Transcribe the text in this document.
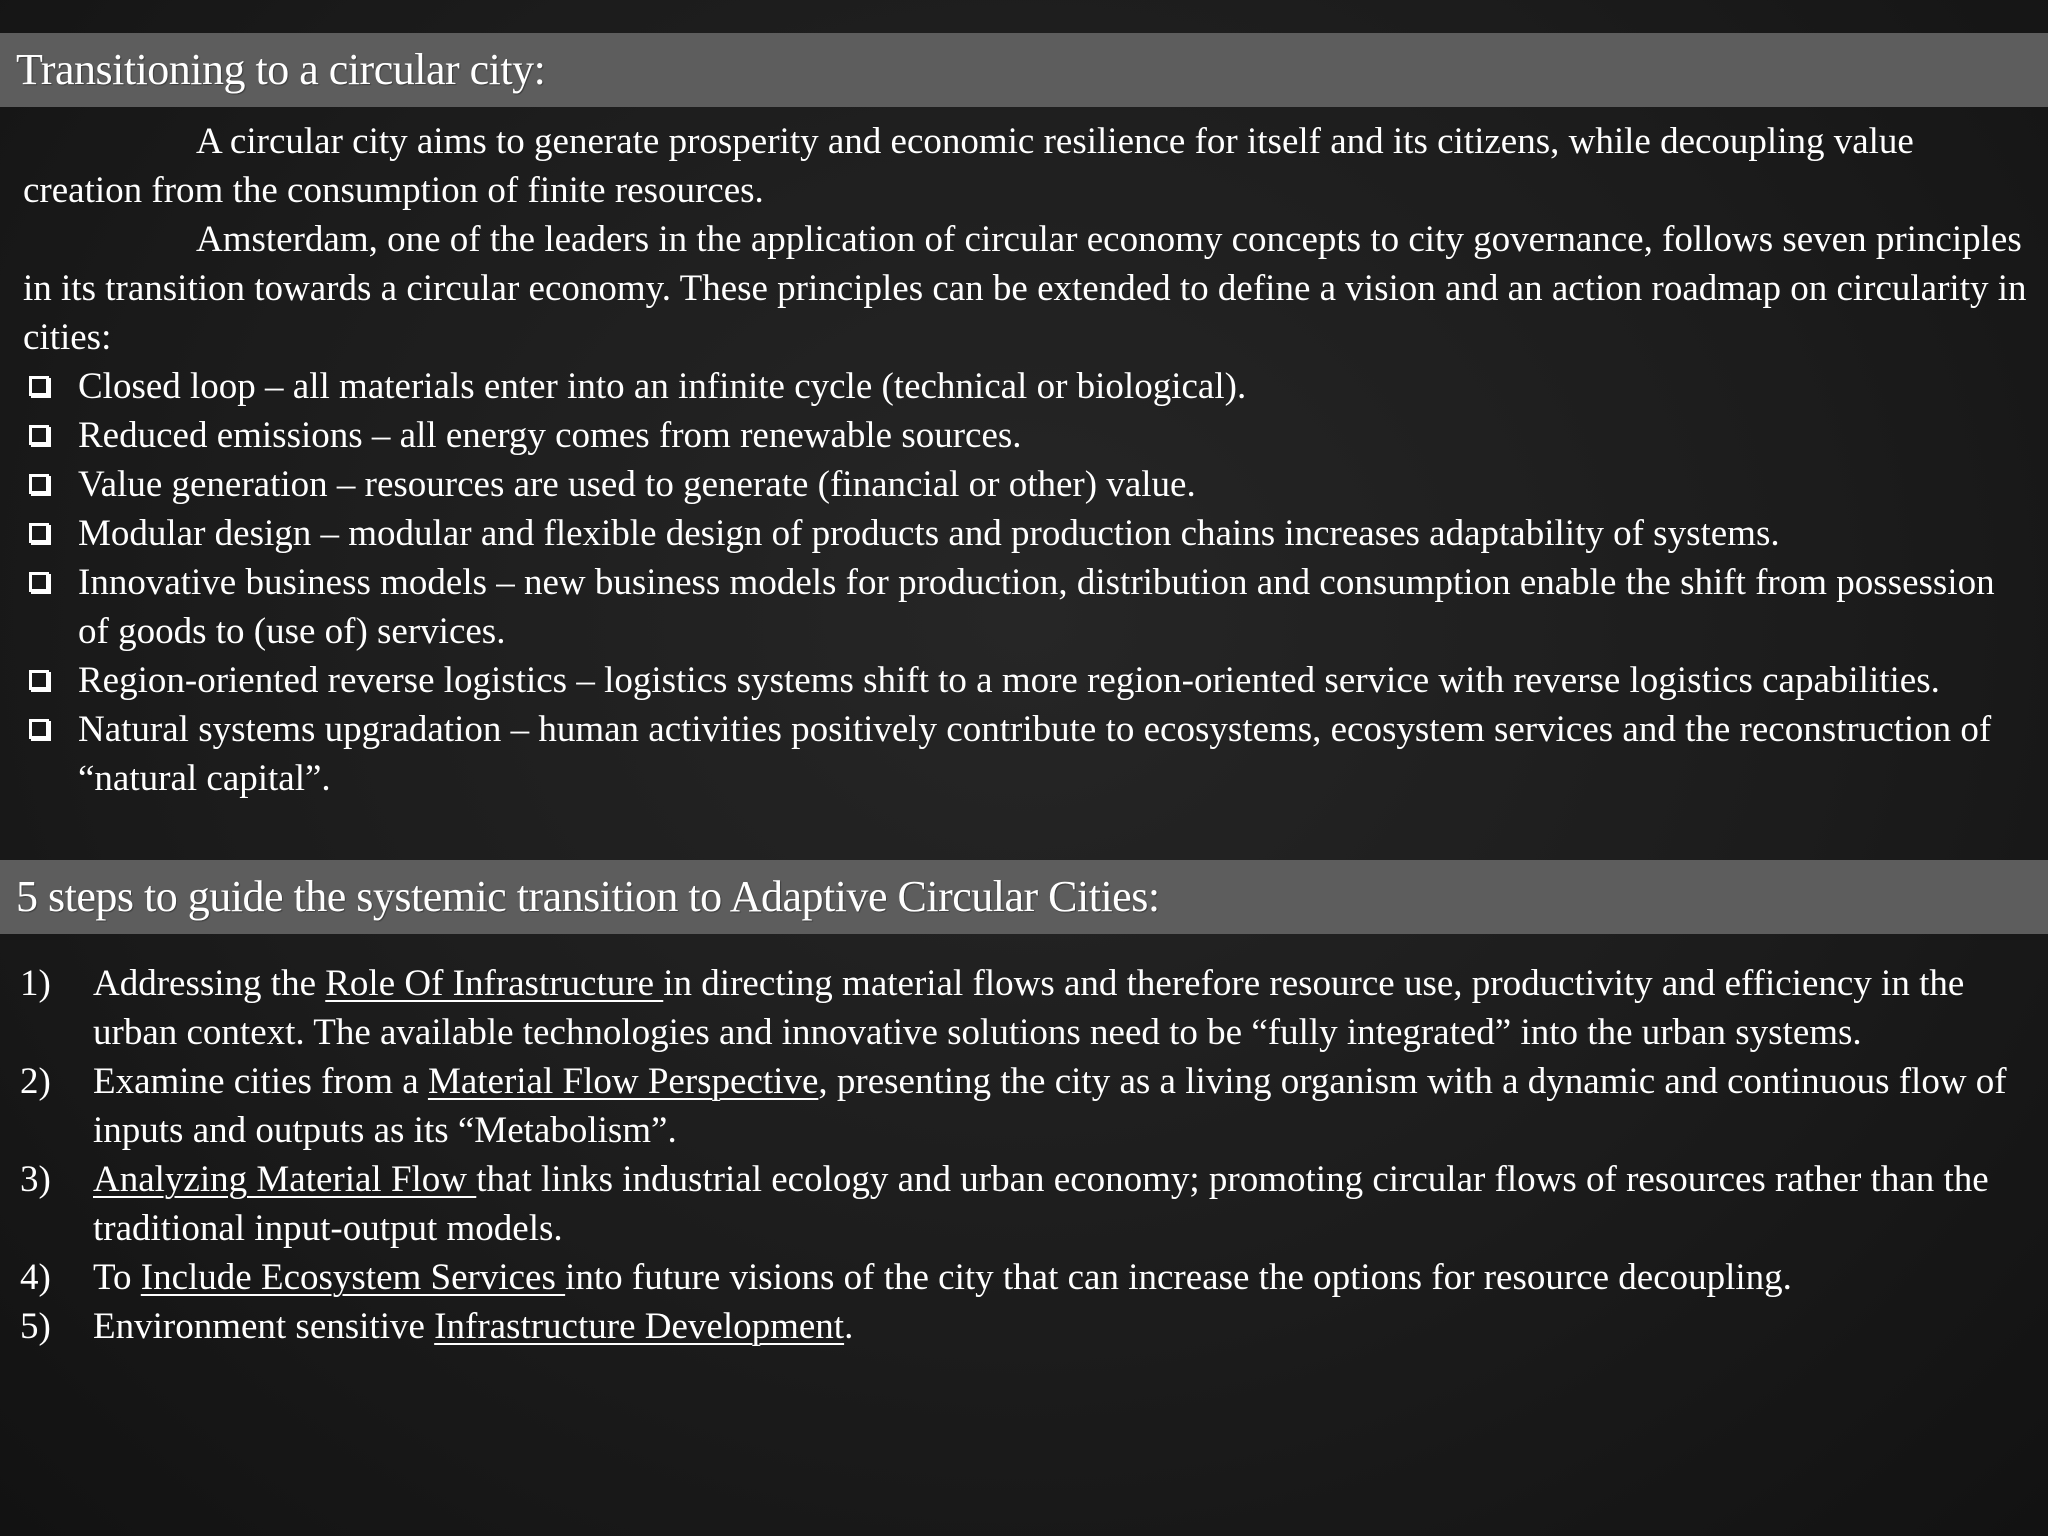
Transitioning to a circular city:

A circular city aims to generate prosperity and economic resilience for itself and its citizens, while decoupling value creation from the consumption of finite resources.

Amsterdam, one of the leaders in the application of circular economy concepts to city governance, follows seven principles in its transition towards a circular economy. These principles can be extended to define a vision and an action roadmap on circularity in cities:

Closed loop – all materials enter into an infinite cycle (technical or biological).
Reduced emissions – all energy comes from renewable sources.
Value generation – resources are used to generate (financial or other) value.
Modular design – modular and flexible design of products and production chains increases adaptability of systems.
Innovative business models – new business models for production, distribution and consumption enable the shift from possession of goods to (use of) services.
Region-oriented reverse logistics – logistics systems shift to a more region-oriented service with reverse logistics capabilities.
Natural systems upgradation – human activities positively contribute to ecosystems, ecosystem services and the reconstruction of “natural capital”.
5 steps to guide the systemic transition to Adaptive Circular Cities:
1) Addressing the Role Of Infrastructure in directing material flows and therefore resource use, productivity and efficiency in the urban context. The available technologies and innovative solutions need to be “fully integrated” into the urban systems.
2) Examine cities from a Material Flow Perspective, presenting the city as a living organism with a dynamic and continuous flow of inputs and outputs as its “Metabolism”.
3) Analyzing Material Flow that links industrial ecology and urban economy; promoting circular flows of resources rather than the traditional input-output models.
4) To Include Ecosystem Services into future visions of the city that can increase the options for resource decoupling.
5) Environment sensitive Infrastructure Development.
